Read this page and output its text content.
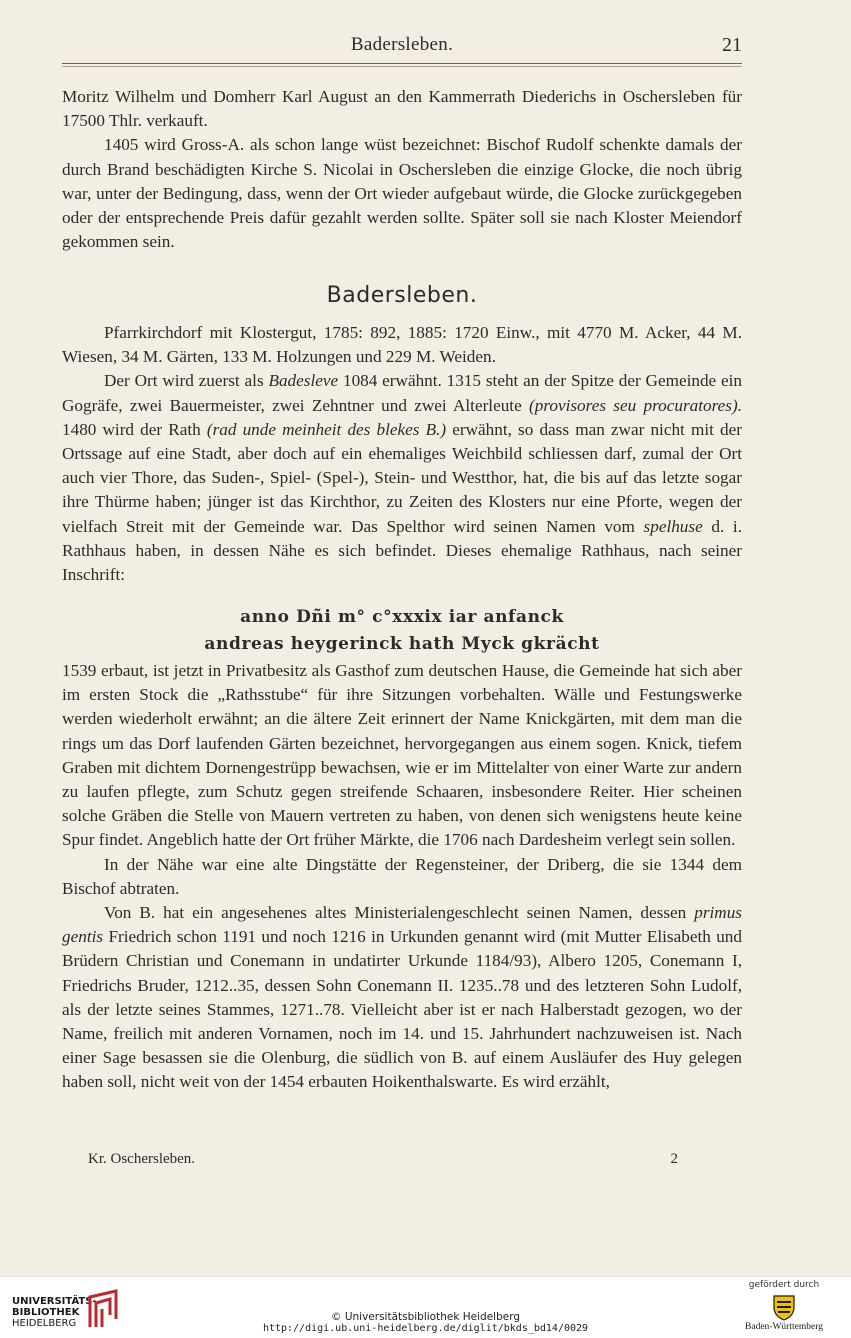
Badersleben.	21

Moritz Wilhelm und Domherr Karl August an den Kammerrath Diederichs in Oschersleben für 17500 Thlr. verkauft.

1405 wird Gross-A. als schon lange wüst bezeichnet: Bischof Rudolf schenkte damals der durch Brand beschädigten Kirche S. Nicolai in Oschersleben die einzige Glocke, die noch übrig war, unter der Bedingung, dass, wenn der Ort wieder aufgebaut würde, die Glocke zurückgegeben oder der entsprechende Preis dafür gezahlt werden sollte. Später soll sie nach Kloster Meiendorf gekommen sein.

Badersleben.

Pfarrkirchdorf mit Klostergut, 1785: 892, 1885: 1720 Einw., mit 4770 M. Acker, 44 M. Wiesen, 34 M. Gärten, 133 M. Holzungen und 229 M. Weiden.

Der Ort wird zuerst als Badesleve 1084 erwähnt. 1315 steht an der Spitze der Gemeinde ein Gogräfe, zwei Bauermeister, zwei Zehntner und zwei Alterleute (provisores seu procuratores). 1480 wird der Rath (rad unde meinheit des blekes B.) erwähnt, so dass man zwar nicht mit der Ortssage auf eine Stadt, aber doch auf ein ehemaliges Weichbild schliessen darf, zumal der Ort auch vier Thore, das Suden-, Spiel- (Spel-), Stein- und Westthor, hat, die bis auf das letzte sogar ihre Thürme haben; jünger ist das Kirchthor, zu Zeiten des Klosters nur eine Pforte, wegen der vielfach Streit mit der Gemeinde war. Das Spelthor wird seinen Namen vom spelhuse d. i. Rathhaus haben, in dessen Nähe es sich befindet. Dieses ehemalige Rathhaus, nach seiner Inschrift:

anno Dñi m° c°xxxix iar anfanck
andreas heygerinck hath Myck gkrächt

1539 erbaut, ist jetzt in Privatbesitz als Gasthof zum deutschen Hause, die Gemeinde hat sich aber im ersten Stock die „Rathsstube“ für ihre Sitzungen vorbehalten. Wälle und Festungswerke werden wiederholt erwähnt; an die ältere Zeit erinnert der Name Knickgärten, mit dem man die rings um das Dorf laufenden Gärten bezeichnet, hervorgegangen aus einem sogen. Knick, tiefem Graben mit dichtem Dornengestrüpp bewachsen, wie er im Mittelalter von einer Warte zur andern zu laufen pflegte, zum Schutz gegen streifende Schaaren, insbesondere Reiter. Hier scheinen solche Gräben die Stelle von Mauern vertreten zu haben, von denen sich wenigstens heute keine Spur findet. Angeblich hatte der Ort früher Märkte, die 1706 nach Dardesheim verlegt sein sollen.

In der Nähe war eine alte Dingstätte der Regensteiner, der Driberg, die sie 1344 dem Bischof abtraten.

Von B. hat ein angesehenes altes Ministerialengeschlecht seinen Namen, dessen primus gentis Friedrich schon 1191 und noch 1216 in Urkunden genannt wird (mit Mutter Elisabeth und Brüdern Christian und Conemann in undatirter Urkunde 1184/93), Albero 1205, Conemann I, Friedrichs Bruder, 1212..35, dessen Sohn Conemann II. 1235..78 und des letzteren Sohn Ludolf, als der letzte seines Stammes, 1271..78. Vielleicht aber ist er nach Halberstadt gezogen, wo der Name, freilich mit anderen Vornamen, noch im 14. und 15. Jahrhundert nachzuweisen ist. Nach einer Sage besassen sie die Olenburg, die südlich von B. auf einem Ausläufer des Huy gelegen haben soll, nicht weit von der 1454 erbauten Hoikenthalswarte. Es wird erzählt,

Kr. Oschersleben.	2
UNIVERSITÄTS-
BIBLIOTHEK
HEIDELBERG
© Universitätsbibliothek Heidelberg
http://digi.ub.uni-heidelberg.de/diglit/bkds_bd14/0029
gefördert durch
Baden-Württemberg
